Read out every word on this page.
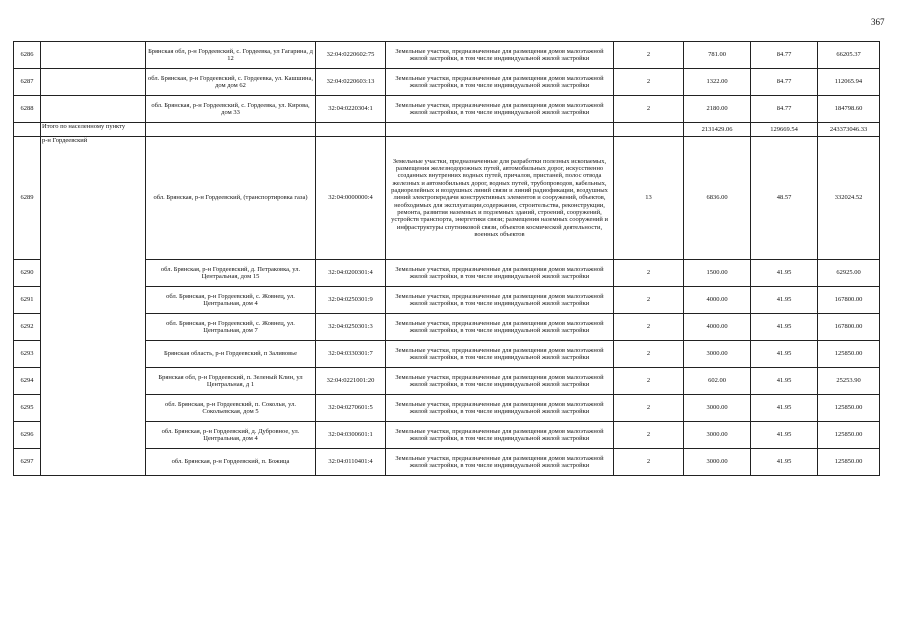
367
6286		Брянская обл, р-н Гордеевский, с. Гордеевка, ул Гагарина, д 12	32:04:0220602:75	Земельные участки, предназначенные для размещения домов малоэтажной жилой застройки, в том числе индивидуальной жилой застройки	2	781.00	84.77	66205.37
6287		обл. Брянская, р-н Гордеевский, с. Гордеевка, ул. Кашшина, дом дом 62	32:04:0220603:13	Земельные участки, предназначенные для размещения домов малоэтажной жилой застройки, в том числе индивидуальной жилой застройки	2	1322.00	84.77	112065.94
6288		обл. Брянская, р-н Гордеевский, с. Гордеевка, ул. Кирова, дом 33	32:04:0220304:1	Земельные участки, предназначенные для размещения домов малоэтажной жилой застройки, в том числе индивидуальной жилой застройки	2	2180.00	84.77	184798.60
	Итого по населенному пункту					2131429.06	129669.54	243373046.33
6289	р-н Гордеевский	обл. Брянская, р-н Гордеевский, (транспортировка газа)	32:04:0000000:4	Земельные участки, предназначенные для разработки полезных ископаемых, размещения железнодорожных путей, автомобильных дорог, искусственно созданных внутренних водных путей, причалов, пристаней, полос отвода железных и автомобильных дорог, водных путей, трубопроводов, кабельных, радиорелейных и воздушных линий связи и линий радиофикации, воздушных линий электропередачи конструктивных элементов и сооружений, объектов, необходимых для эксплуатации,содержания, строительства, реконструкции, ремонта, развития наземных и подземных зданий, строений, сооружений, устройств транспорта, энергетики связи; размещения наземных сооружений и инфраструктуры спутниковой связи, объектов космической деятельности, военных объектов	13	6836.00	48.57	332024.52
6290		обл. Брянская, р-н Гордеевский, д. Петраковка, ул. Центральная, дом 15	32:04:0200301:4	Земельные участки, предназначенные для размещения домов малоэтажной жилой застройки, в том числе индивидуальной жилой застройки	2	1500.00	41.95	62925.00
6291		обл. Брянская, р-н Гордеевский, с. Жовнец, ул. Центральная, дом 4	32:04:0250301:9	Земельные участки, предназначенные для размещения домов малоэтажной жилой застройки, в том числе индивидуальной жилой застройки	2	4000.00	41.95	167800.00
6292		обл. Брянская, р-н Гордеевский, с. Жовнец, ул. Центральная, дом 7	32:04:0250301:3	Земельные участки, предназначенные для размещения домов малоэтажной жилой застройки, в том числе индивидуальной жилой застройки	2	4000.00	41.95	167800.00
6293		Брянская область, р-н Гордеевский, п Заливовье	32:04:0330301:7	Земельные участки, предназначенные для размещения домов малоэтажной жилой застройки, в том числе индивидуальной жилой застройки	2	3000.00	41.95	125850.00
6294		Брянская обл, р-н Гордеевский, п. Зеленый Клин, ул Центральная, д 1	32:04:0221001:20	Земельные участки, предназначенные для размещения домов малоэтажной жилой застройки, в том числе индивидуальной жилой застройки	2	602.00	41.95	25253.90
6295		обл. Брянская, р-н Гордеевский, п. Сокольи, ул. Сокольевская, дом 5	32:04:0270601:5	Земельные участки, предназначенные для размещения домов малоэтажной жилой застройки, в том числе индивидуальной жилой застройки	2	3000.00	41.95	125850.00
6296		обл. Брянская, р-н Гордеевский, д. Дубровное, ул. Центральная, дом 4	32:04:0300601:1	Земельные участки, предназначенные для размещения домов малоэтажной жилой застройки, в том числе индивидуальной жилой застройки	2	3000.00	41.95	125850.00
6297		обл. Брянская, р-н Гордеевский, п. Божица	32:04:0110401:4	Земельные участки, предназначенные для размещения домов малоэтажной жилой застройки, в том числе индивидуальной жилой застройки	2	3000.00	41.95	125850.00
